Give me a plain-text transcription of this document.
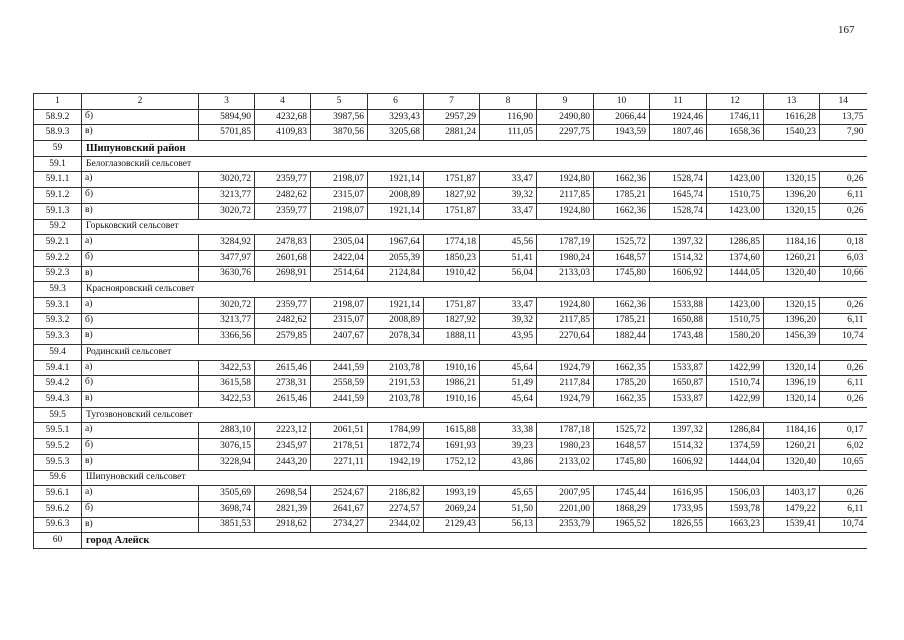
167
1	2	3	4	5	6	7	8	9	10	11	12	13	14
58.9.2	б)	5894,90	4232,68	3987,56	3293,43	2957,29	116,90	2490,80	2066,44	1924,46	1746,11	1616,28	13,75
58.9.3	в)	5701,85	4109,83	3870,56	3205,68	2881,24	111,05	2297,75	1943,59	1807,46	1658,36	1540,23	7,90
59	Шипуновский район												
59.1	Белоглазовский сельсовет												
59.1.1	а)	3020,72	2359,77	2198,07	1921,14	1751,87	33,47	1924,80	1662,36	1528,74	1423,00	1320,15	0,26
59.1.2	б)	3213,77	2482,62	2315,07	2008,89	1827,92	39,32	2117,85	1785,21	1645,74	1510,75	1396,20	6,11
59.1.3	в)	3020,72	2359,77	2198,07	1921,14	1751,87	33,47	1924,80	1662,36	1528,74	1423,00	1320,15	0,26
59.2	Горьковский сельсовет												
59.2.1	а)	3284,92	2478,83	2305,04	1967,64	1774,18	45,56	1787,19	1525,72	1397,32	1286,85	1184,16	0,18
59.2.2	б)	3477,97	2601,68	2422,04	2055,39	1850,23	51,41	1980,24	1648,57	1514,32	1374,60	1260,21	6,03
59.2.3	в)	3630,76	2698,91	2514,64	2124,84	1910,42	56,04	2133,03	1745,80	1606,92	1444,05	1320,40	10,66
59.3	Краснояровский сельсовет												
59.3.1	а)	3020,72	2359,77	2198,07	1921,14	1751,87	33,47	1924,80	1662,36	1533,88	1423,00	1320,15	0,26
59.3.2	б)	3213,77	2482,62	2315,07	2008,89	1827,92	39,32	2117,85	1785,21	1650,88	1510,75	1396,20	6,11
59.3.3	в)	3366,56	2579,85	2407,67	2078,34	1888,11	43,95	2270,64	1882,44	1743,48	1580,20	1456,39	10,74
59.4	Родинский сельсовет												
59.4.1	а)	3422,53	2615,46	2441,59	2103,78	1910,16	45,64	1924,79	1662,35	1533,87	1422,99	1320,14	0,26
59.4.2	б)	3615,58	2738,31	2558,59	2191,53	1986,21	51,49	2117,84	1785,20	1650,87	1510,74	1396,19	6,11
59.4.3	в)	3422,53	2615,46	2441,59	2103,78	1910,16	45,64	1924,79	1662,35	1533,87	1422,99	1320,14	0,26
59.5	Тугозвоновский сельсовет												
59.5.1	а)	2883,10	2223,12	2061,51	1784,99	1615,88	33,38	1787,18	1525,72	1397,32	1286,84	1184,16	0,17
59.5.2	б)	3076,15	2345,97	2178,51	1872,74	1691,93	39,23	1980,23	1648,57	1514,32	1374,59	1260,21	6,02
59.5.3	в)	3228,94	2443,20	2271,11	1942,19	1752,12	43,86	2133,02	1745,80	1606,92	1444,04	1320,40	10,65
59.6	Шипуновский сельсовет												
59.6.1	а)	3505,69	2698,54	2524,67	2186,82	1993,19	45,65	2007,95	1745,44	1616,95	1506,03	1403,17	0,26
59.6.2	б)	3698,74	2821,39	2641,67	2274,57	2069,24	51,50	2201,00	1868,29	1733,95	1593,78	1479,22	6,11
59.6.3	в)	3851,53	2918,62	2734,27	2344,02	2129,43	56,13	2353,79	1965,52	1826,55	1663,23	1539,41	10,74
60	город Алейск												
